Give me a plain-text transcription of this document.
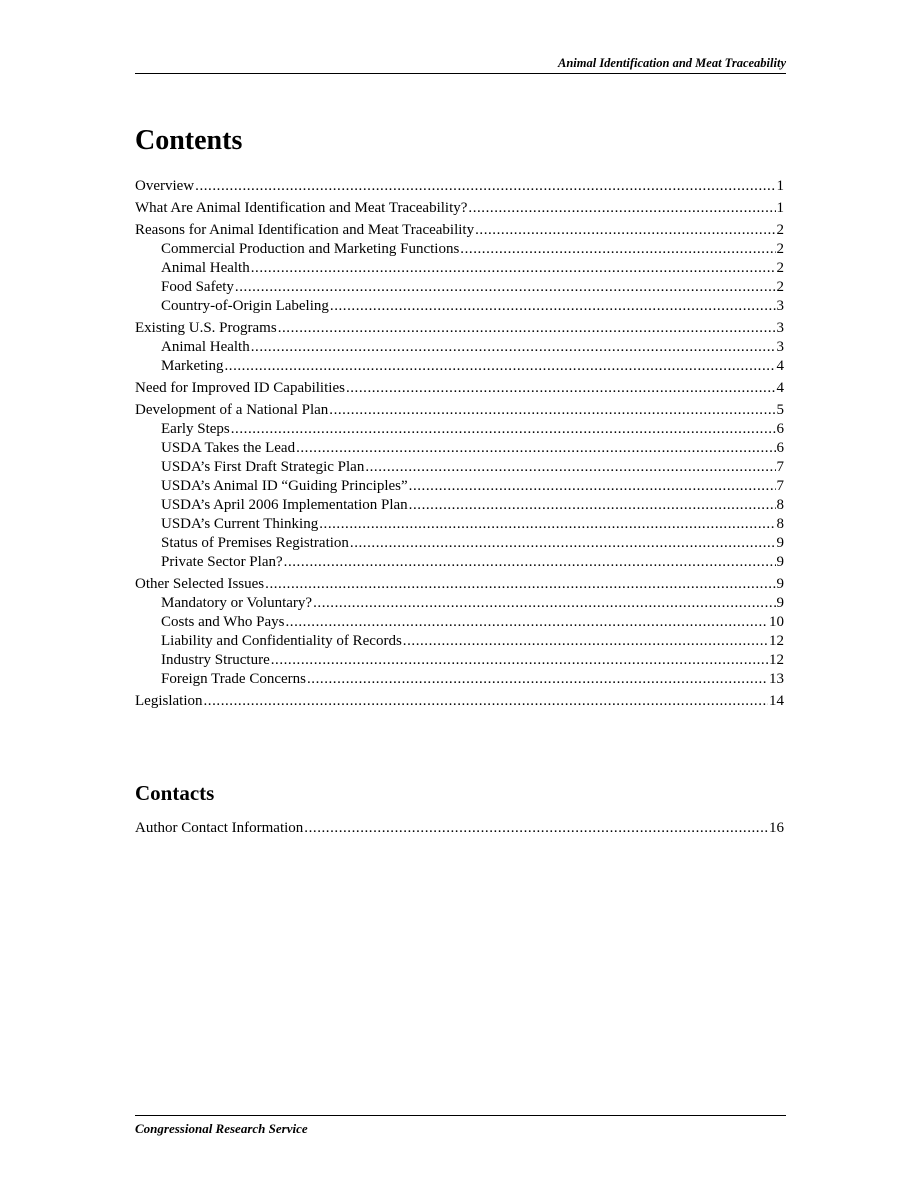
Animal Identification and Meat Traceability
Contents
Overview . . .	1
What Are Animal Identification and Meat Traceability? . . .	1
Reasons for Animal Identification and Meat Traceability . . .	2
Commercial Production and Marketing Functions . . .	2
Animal Health . . .	2
Food Safety . . .	2
Country-of-Origin Labeling . . .	3
Existing U.S. Programs . . .	3
Animal Health . . .	3
Marketing . . .	4
Need for Improved ID Capabilities . . .	4
Development of a National Plan . . .	5
Early Steps . . .	6
USDA Takes the Lead . . .	6
USDA’s First Draft Strategic Plan . . .	7
USDA’s Animal ID “Guiding Principles” . . .	7
USDA’s April 2006 Implementation Plan . . .	8
USDA’s Current Thinking . . .	8
Status of Premises Registration . . .	9
Private Sector Plan? . . .	9
Other Selected Issues . . .	9
Mandatory or Voluntary? . . .	9
Costs and Who Pays . . .	10
Liability and Confidentiality of Records . . .	12
Industry Structure . . .	12
Foreign Trade Concerns . . .	13
Legislation . . .	14
Contacts
Author Contact Information . . .	16
Congressional Research Service
